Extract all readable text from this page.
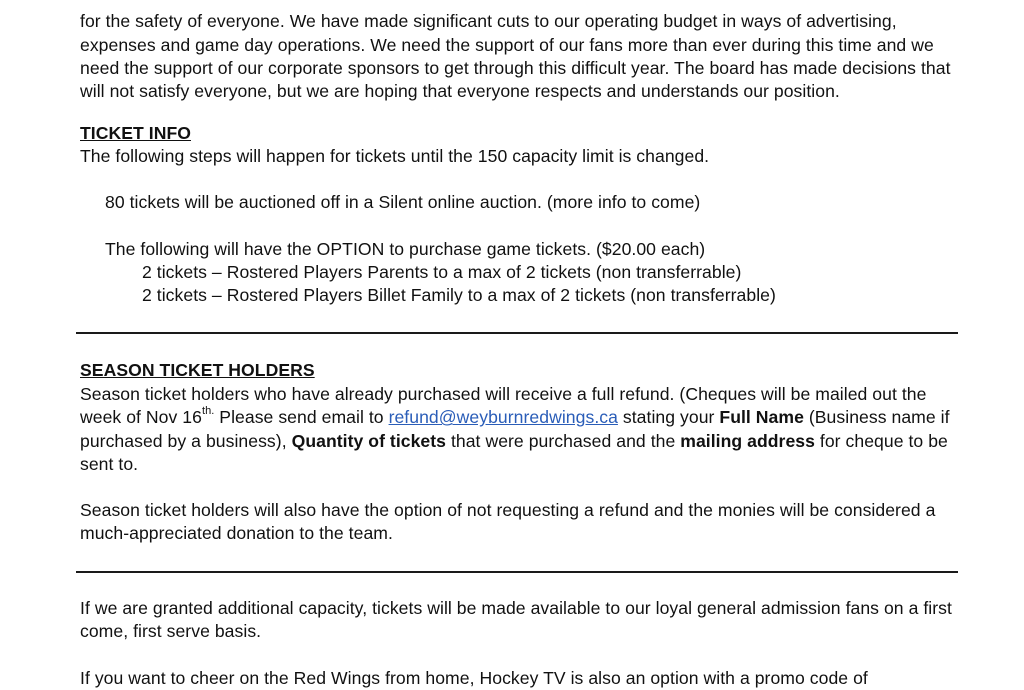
for the safety of everyone. We have made significant cuts to our operating budget in ways of advertising,
expenses and game day operations. We need the support of our fans more than ever during this time and we
need the support of our corporate sponsors to get through this difficult year. The board has made decisions that
will not satisfy everyone, but we are hoping that everyone respects and understands our position.
TICKET INFO
The following steps will happen for tickets until the 150 capacity limit is changed.
80 tickets will be auctioned off in a Silent online auction. (more info to come)
The following will have the OPTION to purchase game tickets. ($20.00 each)
2 tickets – Rostered Players Parents to a max of 2 tickets (non transferrable)
2 tickets – Rostered Players Billet Family to a max of 2 tickets (non transferrable)
SEASON TICKET HOLDERS
Season ticket holders who have already purchased will receive a full refund. (Cheques will be mailed out the
week of Nov $16^{th.}$ Please send email to refund@weyburnredwings.ca stating your Full Name (Business name if
purchased by a business), Quantity of tickets that were purchased and the mailing address for cheque to be
sent to.
Season ticket holders will also have the option of not requesting a refund and the monies will be considered a
much-appreciated donation to the team.
If we are granted additional capacity, tickets will be made available to our loyal general admission fans on a first
come, first serve basis.
If you want to cheer on the Red Wings from home, Hockey TV is also an option with a promo code of
